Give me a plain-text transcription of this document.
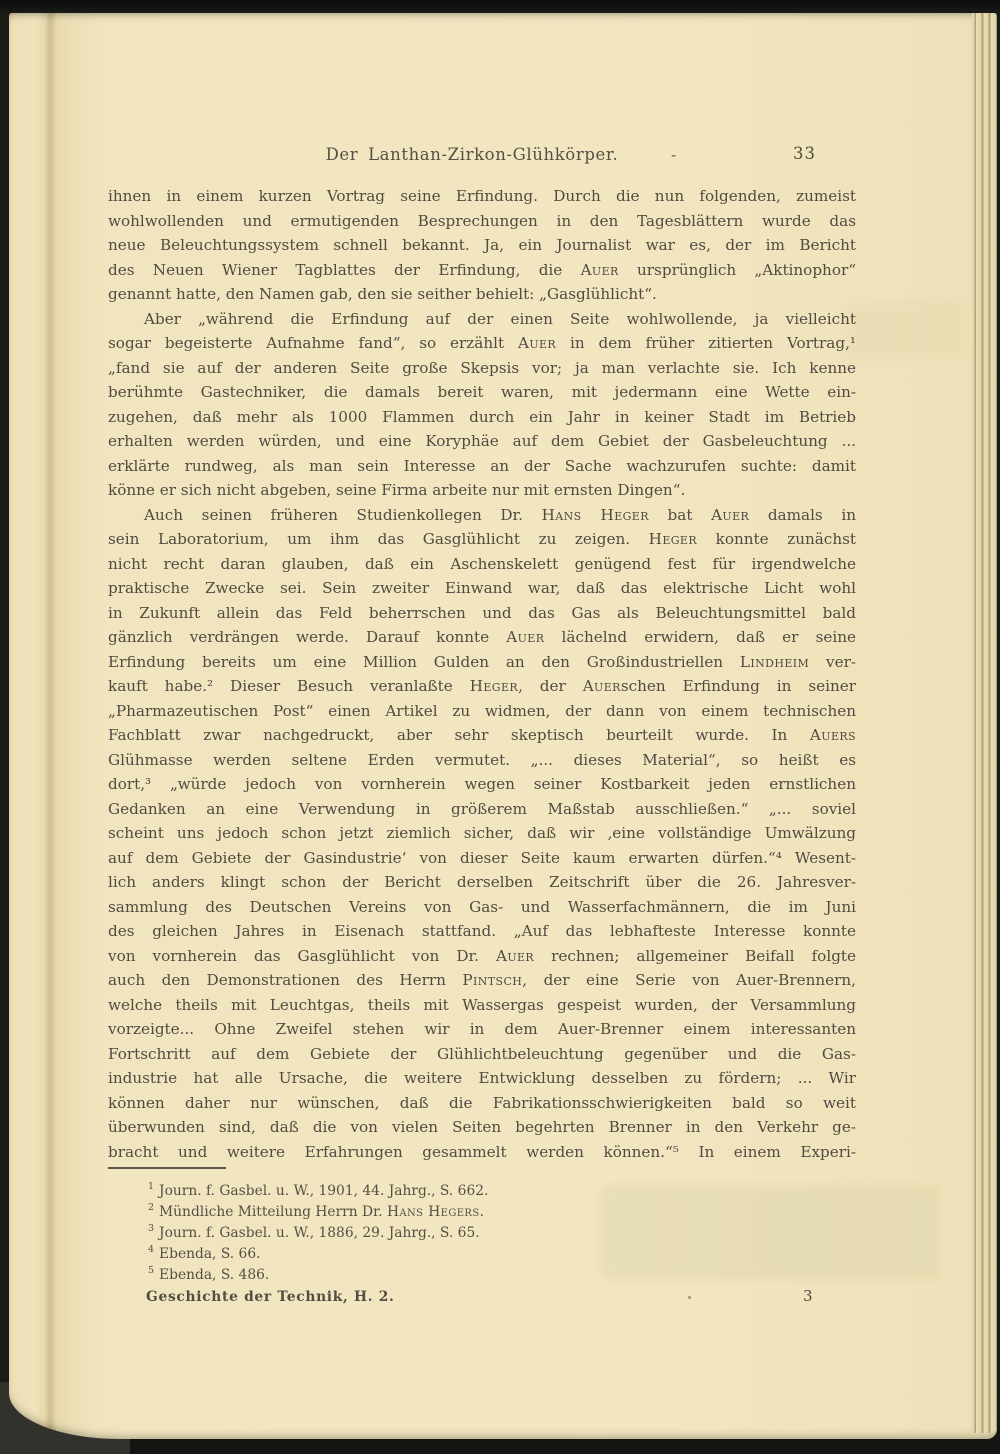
Der Lanthan-Zirkon-Glühkörper.	-	33
ihnen in einem kurzen Vortrag seine Erfindung. Durch die nun folgenden, zumeist
wohlwollenden und ermutigenden Besprechungen in den Tagesblättern wurde das
neue Beleuchtungssystem schnell bekannt. Ja, ein Journalist war es, der im Bericht
des Neuen Wiener Tagblattes der Erfindung, die Auer ursprünglich „Aktinophor“
genannt hatte, den Namen gab, den sie seither behielt: „Gasglühlicht“.
Aber „während die Erfindung auf der einen Seite wohlwollende, ja vielleicht
sogar begeisterte Aufnahme fand“, so erzählt Auer in dem früher zitierten Vortrag,¹
„fand sie auf der anderen Seite große Skepsis vor; ja man verlachte sie. Ich kenne
berühmte Gastechniker, die damals bereit waren, mit jedermann eine Wette ein-
zugehen, daß mehr als 1000 Flammen durch ein Jahr in keiner Stadt im Betrieb
erhalten werden würden, und eine Koryphäe auf dem Gebiet der Gasbeleuchtung ...
erklärte rundweg, als man sein Interesse an der Sache wachzurufen suchte: damit
könne er sich nicht abgeben, seine Firma arbeite nur mit ernsten Dingen“.
Auch seinen früheren Studienkollegen Dr. Hans Heger bat Auer damals in
sein Laboratorium, um ihm das Gasglühlicht zu zeigen. Heger konnte zunächst
nicht recht daran glauben, daß ein Aschenskelett genügend fest für irgendwelche
praktische Zwecke sei. Sein zweiter Einwand war, daß das elektrische Licht wohl
in Zukunft allein das Feld beherrschen und das Gas als Beleuchtungsmittel bald
gänzlich verdrängen werde. Darauf konnte Auer lächelnd erwidern, daß er seine
Erfindung bereits um eine Million Gulden an den Großindustriellen Lindheim ver-
kauft habe.² Dieser Besuch veranlaßte Heger, der Auerschen Erfindung in seiner
„Pharmazeutischen Post“ einen Artikel zu widmen, der dann von einem technischen
Fachblatt zwar nachgedruckt, aber sehr skeptisch beurteilt wurde. In Auers
Glühmasse werden seltene Erden vermutet. „... dieses Material“, so heißt es
dort,³ „würde jedoch von vornherein wegen seiner Kostbarkeit jeden ernstlichen
Gedanken an eine Verwendung in größerem Maßstab ausschließen.“ „... soviel
scheint uns jedoch schon jetzt ziemlich sicher, daß wir ‚eine vollständige Umwälzung
auf dem Gebiete der Gasindustrie‘ von dieser Seite kaum erwarten dürfen.“⁴ Wesent-
lich anders klingt schon der Bericht derselben Zeitschrift über die 26. Jahresver-
sammlung des Deutschen Vereins von Gas- und Wasserfachmännern, die im Juni
des gleichen Jahres in Eisenach stattfand. „Auf das lebhafteste Interesse konnte
von vornherein das Gasglühlicht von Dr. Auer rechnen; allgemeiner Beifall folgte
auch den Demonstrationen des Herrn Pintsch, der eine Serie von Auer-Brennern,
welche theils mit Leuchtgas, theils mit Wassergas gespeist wurden, der Versammlung
vorzeigte... Ohne Zweifel stehen wir in dem Auer-Brenner einem interessanten
Fortschritt auf dem Gebiete der Glühlichtbeleuchtung gegenüber und die Gas-
industrie hat alle Ursache, die weitere Entwicklung desselben zu fördern; ... Wir
können daher nur wünschen, daß die Fabrikationsschwierigkeiten bald so weit
überwunden sind, daß die von vielen Seiten begehrten Brenner in den Verkehr ge-
bracht und weitere Erfahrungen gesammelt werden können.“⁵ In einem Experi-
$^1$ Journ. f. Gasbel. u. W., 1901, 44. Jahrg., S. 662.
$^2$ Mündliche Mitteilung Herrn Dr. Hans Hegers.
$^3$ Journ. f. Gasbel. u. W., 1886, 29. Jahrg., S. 65.
$^4$ Ebenda, S. 66.
$^5$ Ebenda, S. 486.
Geschichte der Technik, H. 2.	3
